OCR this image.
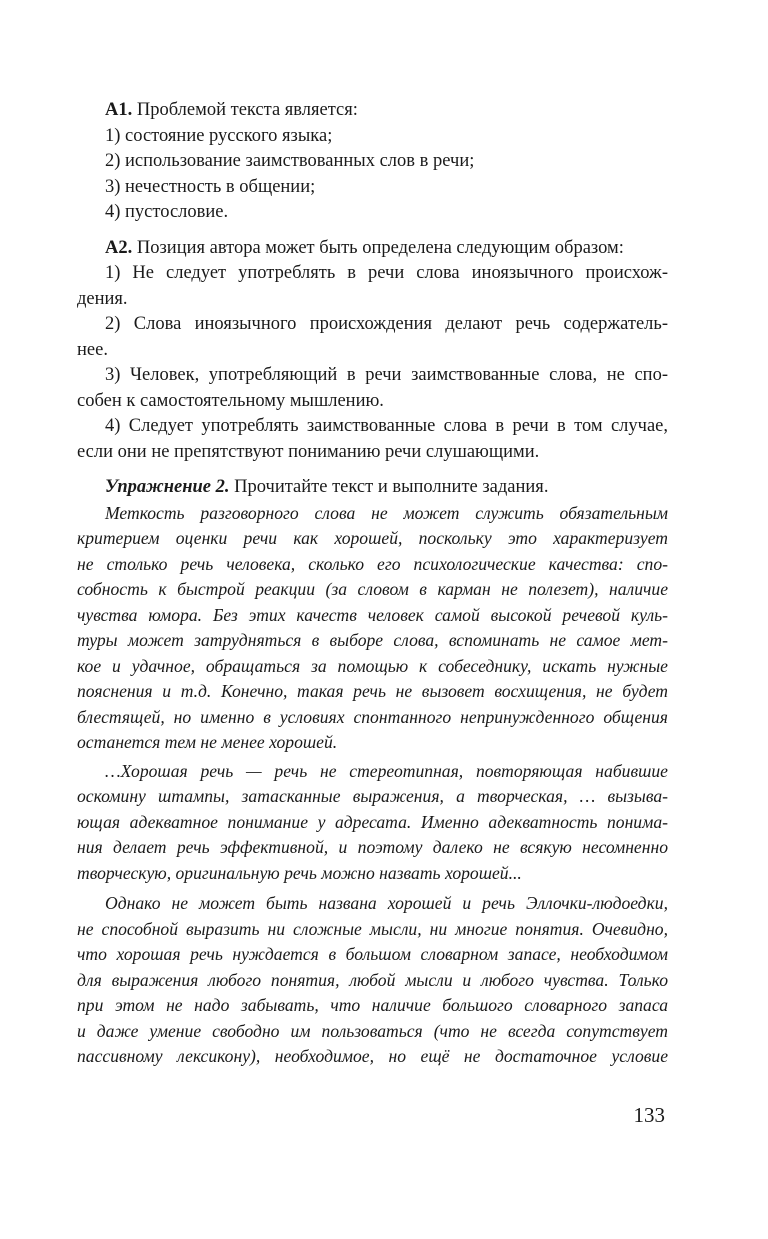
А1. Проблемой текста является:
1) состояние русского языка;
2) использование заимствованных слов в речи;
3) нечестность в общении;
4) пустословие.
А2. Позиция автора может быть определена следующим образом:
1) Не следует употреблять в речи слова иноязычного происхож-
дения.
2) Слова иноязычного происхождения делают речь содержатель-
нее.
3) Человек, употребляющий в речи заимствованные слова, не спо-
собен к самостоятельному мышлению.
4) Следует употреблять заимствованные слова в речи в том случае,
если они не препятствуют пониманию речи слушающими.
Упражнение 2. Прочитайте текст и выполните задания.
Меткость разговорного слова не может служить обязательным
критерием оценки речи как хорошей, поскольку это характеризует
не столько речь человека, сколько его психологические качества: спо-
собность к быстрой реакции (за словом в карман не полезет), наличие
чувства юмора. Без этих качеств человек самой высокой речевой куль-
туры может затрудняться в выборе слова, вспоминать не самое мет-
кое и удачное, обращаться за помощью к собеседнику, искать нужные
пояснения и т.д. Конечно, такая речь не вызовет восхищения, не будет
блестящей, но именно в условиях спонтанного непринужденного общения
останется тем не менее хорошей.
…Хорошая речь — речь не стереотипная, повторяющая набившие
оскомину штампы, затасканные выражения, а творческая, … вызыва-
ющая адекватное понимание у адресата. Именно адекватность понима-
ния делает речь эффективной, и поэтому далеко не всякую несомненно
творческую, оригинальную речь можно назвать хорошей...
Однако не может быть названа хорошей и речь Эллочки-людоедки,
не способной выразить ни сложные мысли, ни многие понятия. Очевидно,
что хорошая речь нуждается в большом словарном запасе, необходимом
для выражения любого понятия, любой мысли и любого чувства. Только
при этом не надо забывать, что наличие большого словарного запаса
и даже умение свободно им пользоваться (что не всегда сопутствует
пассивному лексикону), необходимое, но ещё не достаточное условие
133
